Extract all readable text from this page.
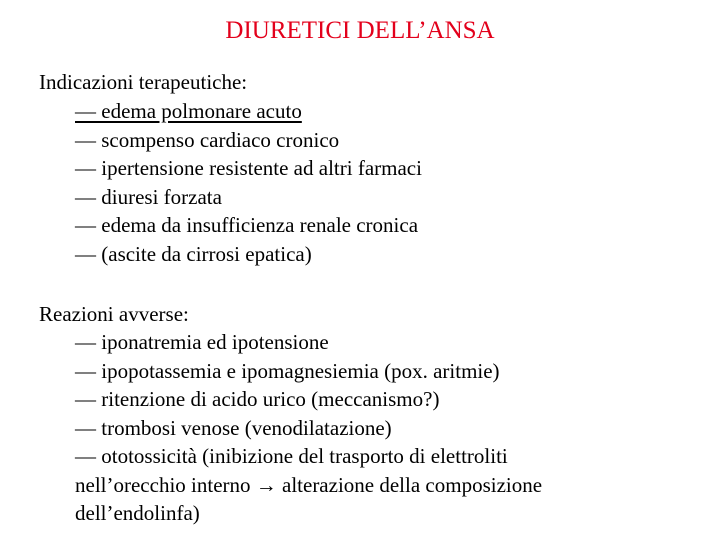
DIURETICI DELL’ANSA
Indicazioni terapeutiche:
— edema polmonare acuto
— scompenso cardiaco cronico
— ipertensione resistente ad altri farmaci
— diuresi forzata
— edema da insufficienza renale cronica
— (ascite da cirrosi epatica)
Reazioni avverse:
— iponatremia ed ipotensione
— ipopotassemia e ipomagnesiemia (pox. aritmie)
— ritenzione di acido urico (meccanismo?)
— trombosi venose (venodilatazione)
— ototossicità (inibizione del trasporto di elettroliti
nell’orecchio interno → alterazione della composizione
dell’endolinfa)
